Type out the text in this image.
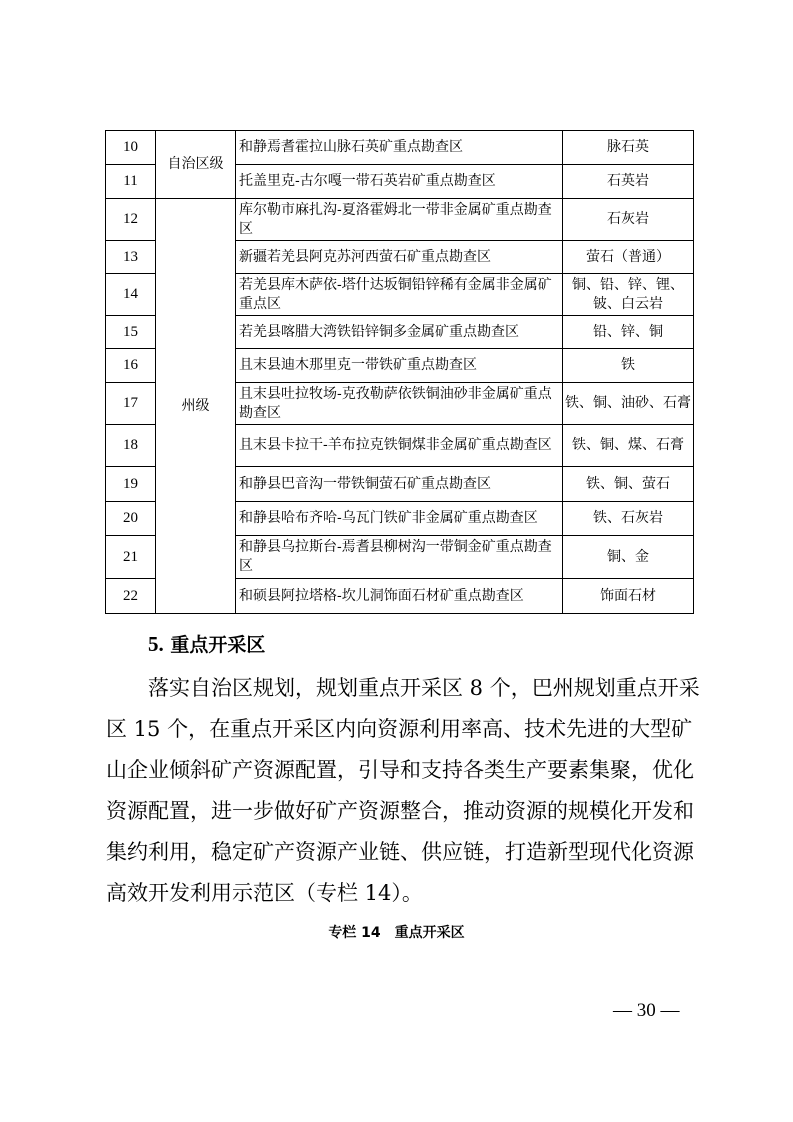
10	自治区级	和静焉耆霍拉山脉石英矿重点勘查区	脉石英
11		托盖里克-古尔嘎一带石英岩矿重点勘查区	石英岩
12	州级	库尔勒市麻扎沟-夏洛霍姆北一带非金属矿重点勘查区	石灰岩
13		新疆若羌县阿克苏河西萤石矿重点勘查区	萤石（普通）
14		若羌县库木萨依-塔什达坂铜铅锌稀有金属非金属矿重点区	铜、铅、锌、锂、铍、白云岩
15		若羌县喀腊大湾铁铅锌铜多金属矿重点勘查区	铅、锌、铜
16		且末县迪木那里克一带铁矿重点勘查区	铁
17		且末县吐拉牧场-克孜勒萨依铁铜油砂非金属矿重点勘查区	铁、铜、油砂、石膏
18		且末县卡拉干-羊布拉克铁铜煤非金属矿重点勘查区	铁、铜、煤、石膏
19		和静县巴音沟一带铁铜萤石矿重点勘查区	铁、铜、萤石
20		和静县哈布齐哈-乌瓦门铁矿非金属矿重点勘查区	铁、石灰岩
21		和静县乌拉斯台-焉耆县柳树沟一带铜金矿重点勘查区	铜、金
22		和硕县阿拉塔格-坎儿洞饰面石材矿重点勘查区	饰面石材
5. 重点开采区
落实自治区规划，规划重点开采区 8 个，巴州规划重点开采
区 15 个，在重点开采区内向资源利用率高、技术先进的大型矿
山企业倾斜矿产资源配置，引导和支持各类生产要素集聚，优化
资源配置，进一步做好矿产资源整合，推动资源的规模化开发和
集约利用，稳定矿产资源产业链、供应链，打造新型现代化资源
高效开发利用示范区（专栏 14）。
专栏 14　重点开采区
— 30 —
